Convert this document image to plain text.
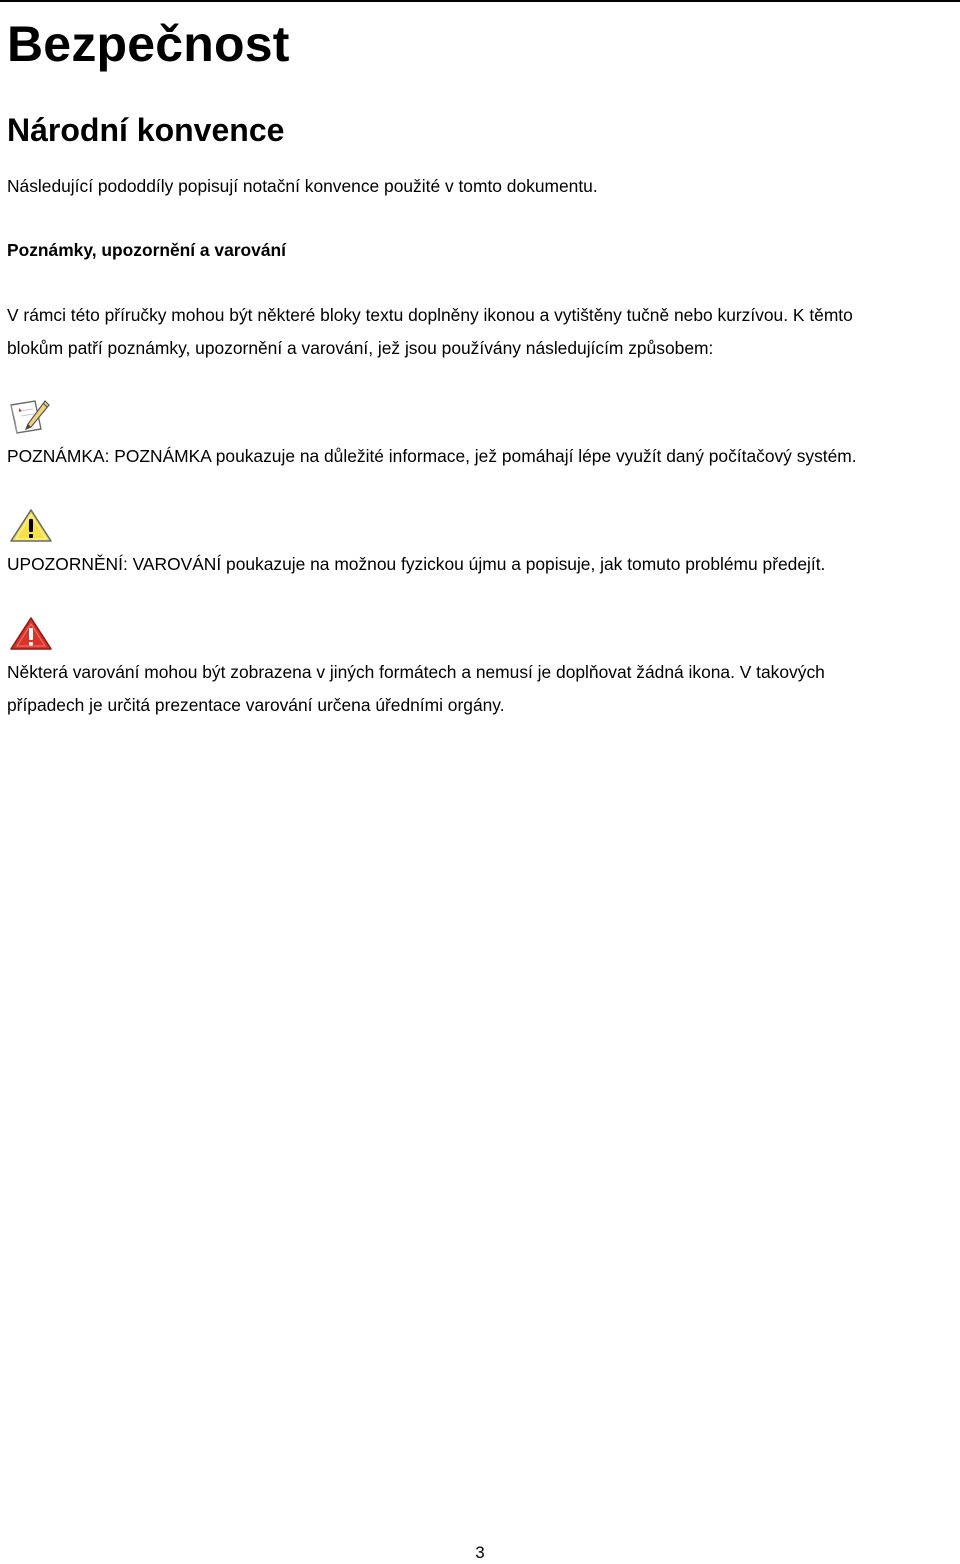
Bezpečnost
Národní konvence

Následující pododdíly popisují notační konvence použité v tomto dokumentu.

Poznámky, upozornění a varování

V rámci této příručky mohou být některé bloky textu doplněny ikonou a vytištěny tučně nebo kurzívou. K těmto

blokům patří poznámky, upozornění a varování, jež jsou používány následujícím způsobem:

POZNÁMKA: POZNÁMKA poukazuje na důležité informace, jež pomáhají lépe využít daný počítačový systém.

UPOZORNĚNÍ: VAROVÁNÍ poukazuje na možnou fyzickou újmu a popisuje, jak tomuto problému předejít.

Některá varování mohou být zobrazena v jiných formátech a nemusí je doplňovat žádná ikona. V takových

případech je určitá prezentace varování určena úředními orgány.

3
